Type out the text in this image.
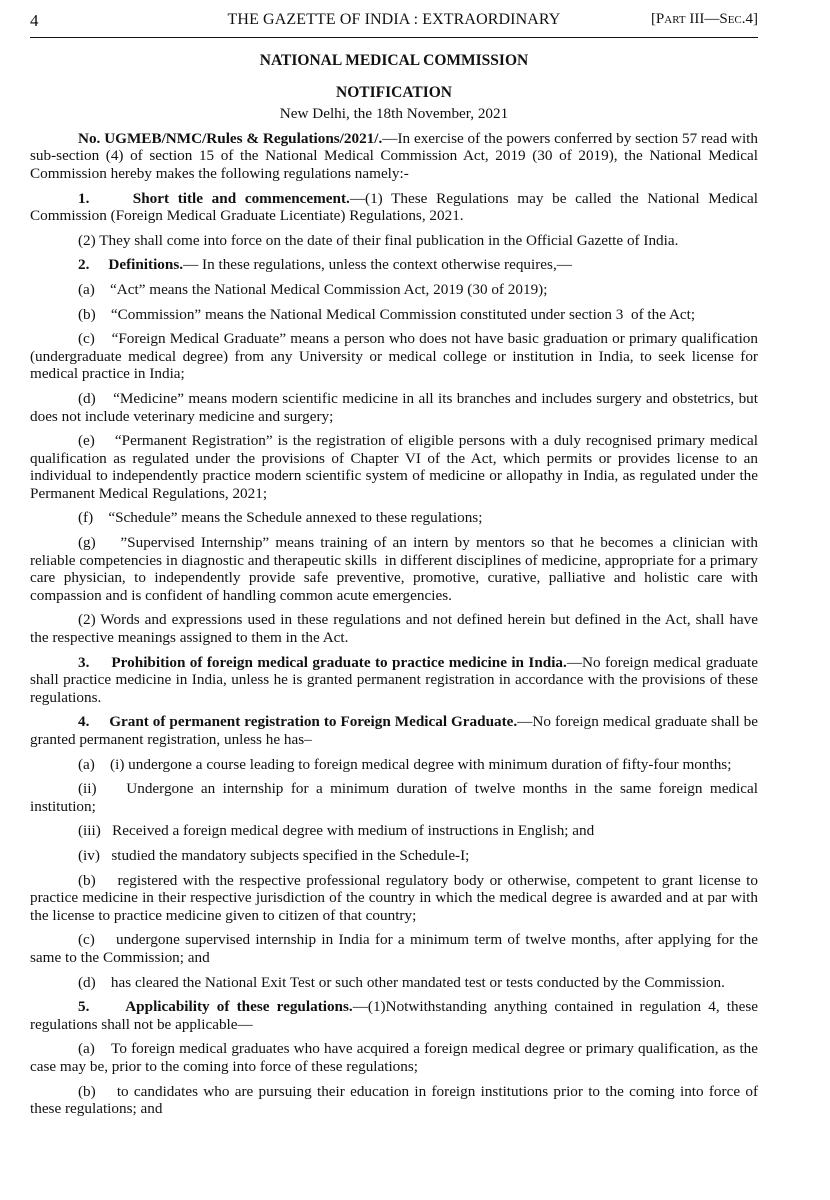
4	THE GAZETTE OF INDIA : EXTRAORDINARY	[Part III—Sec.4]
NATIONAL MEDICAL COMMISSION
NOTIFICATION
New Delhi, the 18th November, 2021

No. UGMEB/NMC/Rules & Regulations/2021/.—In exercise of the powers conferred by section 57 read with sub-section (4) of section 15 of the National Medical Commission Act, 2019 (30 of 2019), the National Medical Commission hereby makes the following regulations namely:-

1.	Short title and commencement.—(1) These Regulations may be called the National Medical Commission (Foreign Medical Graduate Licentiate) Regulations, 2021.

(2) They shall come into force on the date of their final publication in the Official Gazette of India.

2. Definitions.— In these regulations, unless the context otherwise requires,—

(a)    “Act” means the National Medical Commission Act, 2019 (30 of 2019);

(b)    “Commission” means the National Medical Commission constituted under section 3  of the Act;

(c)    “Foreign Medical Graduate” means a person who does not have basic graduation or primary qualification (undergraduate medical degree) from any University or medical college or institution in India, to seek license for medical practice in India;

(d)    “Medicine” means modern scientific medicine in all its branches and includes surgery and obstetrics, but does not include veterinary medicine and surgery;

(e)    “Permanent Registration” is the registration of eligible persons with a duly recognised primary medical qualification as regulated under the provisions of Chapter VI of the Act, which permits or provides license to an individual to independently practice modern scientific system of medicine or allopathy in India, as regulated under the Permanent Medical Regulations, 2021;

(f)    “Schedule” means the Schedule annexed to these regulations;

(g)    ”Supervised Internship” means training of an intern by mentors so that he becomes a clinician with reliable competencies in diagnostic and therapeutic skills  in different disciplines of medicine, appropriate for a primary care physician, to independently provide safe preventive, promotive, curative, palliative and holistic care with compassion and is confident of handling common acute emergencies.

(2) Words and expressions used in these regulations and not defined herein but defined in the Act, shall have the respective meanings assigned to them in the Act.

3. Prohibition of foreign medical graduate to practice medicine in India.—No foreign medical graduate shall practice medicine in India, unless he is granted permanent registration in accordance with the provisions of these regulations.

4. Grant of permanent registration to Foreign Medical Graduate.—No foreign medical graduate shall be granted permanent registration, unless he has–

(a)    (i) undergone a course leading to foreign medical degree with minimum duration of fifty-four months;

(ii)    Undergone an internship for a minimum duration of twelve months in the same foreign medical institution;

(iii)   Received a foreign medical degree with medium of instructions in English; and

(iv)   studied the mandatory subjects specified in the Schedule-I;

(b)    registered with the respective professional regulatory body or otherwise, competent to grant license to practice medicine in their respective jurisdiction of the country in which the medical degree is awarded and at par with the license to practice medicine given to citizen of that country;

(c)    undergone supervised internship in India for a minimum term of twelve months, after applying for the same to the Commission; and

(d)    has cleared the National Exit Test or such other mandated test or tests conducted by the Commission.

5. Applicability of these regulations.—(1)Notwithstanding anything contained in regulation 4, these regulations shall not be applicable—

(a)    To foreign medical graduates who have acquired a foreign medical degree or primary qualification, as the case may be, prior to the coming into force of these regulations;

(b)    to candidates who are pursuing their education in foreign institutions prior to the coming into force of these regulations; and
